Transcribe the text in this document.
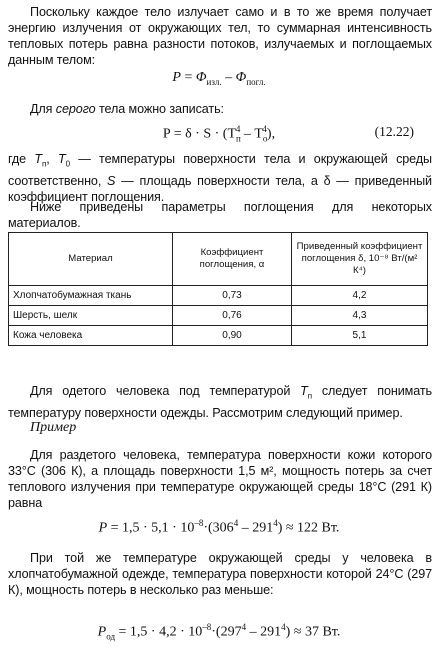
Поскольку каждое тело излучает само и в то же время получает энергию излучения от окружающих тел, то суммарная интенсивность тепловых потерь равна разности потоков, излучаемых и поглощаемых данным телом:

$P = \Phi_{изл.} - \Phi_{погл.}$

Для серого тела можно записать:

$P = \delta \cdot S \cdot (T_п^4 - T_о^4)$,	(12.22)

где $T_п$, $T_0$ — температуры поверхности тела и окружающей среды соответственно, S — площадь поверхности тела, а δ — приведенный коэффициент поглощения.

Ниже приведены параметры поглощения для некоторых материалов.

Материал	Коэффициент поглощения, α	Приведенный коэффициент поглощения δ, 10⁻⁸ Вт/(м² К⁴)
Хлопчатобумажная ткань	0,73	4,2
Шерсть, шелк	0,76	4,3
Кожа человека	0,90	5,1

Для одетого человека под температурой $T_п$ следует понимать температуру поверхности одежды. Рассмотрим следующий пример.

Пример

Для раздетого человека, температура поверхности кожи которого 33°C (306 К), а площадь поверхности 1,5 м², мощность потерь за счет теплового излучения при температуре окружающей среды 18°C (291 К) равна

$P = 1,5 \cdot 5,1 \cdot 10^{-8}\cdot(306^4 - 291^4) \approx 122$ Вт.

При той же температуре окружающей среды у человека в хлопчатобумажной одежде, температура поверхности которой 24°C (297 К), мощность потерь в несколько раз меньше:

$P_{од} = 1,5 \cdot 4,2 \cdot 10^{-8}\cdot(297^4 - 291^4) \approx 37$ Вт.
